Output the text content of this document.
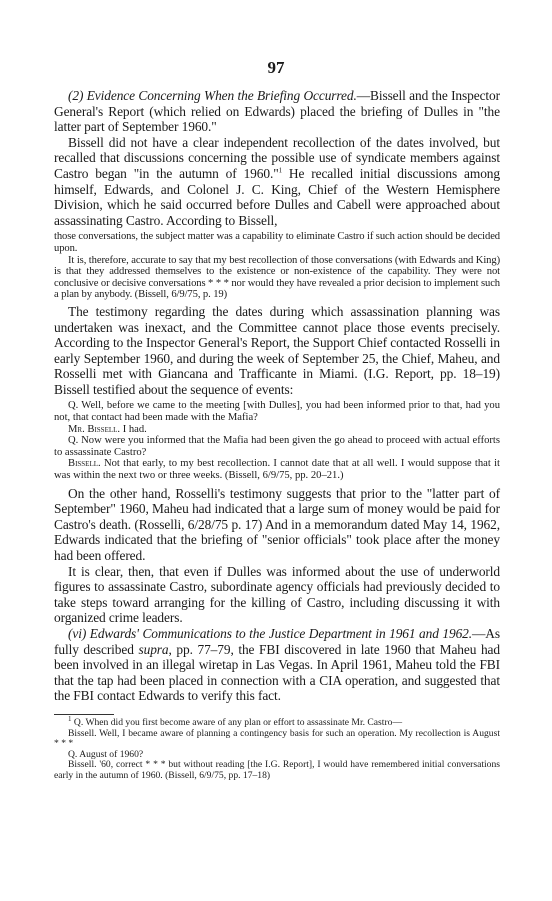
97

(2) Evidence Concerning When the Briefing Occurred.—Bissell and the Inspector General's Report (which relied on Edwards) placed the briefing of Dulles in "the latter part of September 1960."

Bissell did not have a clear independent recollection of the dates involved, but recalled that discussions concerning the possible use of syndicate members against Castro began "in the autumn of 1960."$^1$ He recalled initial discussions among himself, Edwards, and Colonel J. C. King, Chief of the Western Hemisphere Division, which he said occurred before Dulles and Cabell were approached about assassinating Castro. According to Bissell,

those conversations, the subject matter was a capability to eliminate Castro if such action should be decided upon.

It is, therefore, accurate to say that my best recollection of those conversations (with Edwards and King) is that they addressed themselves to the existence or non-existence of the capability. They were not conclusive or decisive conversations * * * nor would they have revealed a prior decision to implement such a plan by anybody. (Bissell, 6/9/75, p. 19)

The testimony regarding the dates during which assassination planning was undertaken was inexact, and the Committee cannot place those events precisely. According to the Inspector General's Report, the Support Chief contacted Rosselli in early September 1960, and during the week of September 25, the Chief, Maheu, and Rosselli met with Giancana and Trafficante in Miami. (I.G. Report, pp. 18–19) Bissell testified about the sequence of events:

Q. Well, before we came to the meeting [with Dulles], you had been informed prior to that, had you not, that contact had been made with the Mafia?

Mr. Bissell. I had.

Q. Now were you informed that the Mafia had been given the go ahead to proceed with actual efforts to assassinate Castro?

Bissell. Not that early, to my best recollection. I cannot date that at all well. I would suppose that it was within the next two or three weeks. (Bissell, 6/9/75, pp. 20–21.)

On the other hand, Rosselli's testimony suggests that prior to the "latter part of September" 1960, Maheu had indicated that a large sum of money would be paid for Castro's death. (Rosselli, 6/28/75 p. 17) And in a memorandum dated May 14, 1962, Edwards indicated that the briefing of "senior officials" took place after the money had been offered.

It is clear, then, that even if Dulles was informed about the use of underworld figures to assassinate Castro, subordinate agency officials had previously decided to take steps toward arranging for the killing of Castro, including discussing it with organized crime leaders.

(vi) Edwards' Communications to the Justice Department in 1961 and 1962.—As fully described supra, pp. 77–79, the FBI discovered in late 1960 that Maheu had been involved in an illegal wiretap in Las Vegas. In April 1961, Maheu told the FBI that the tap had been placed in connection with a CIA operation, and suggested that the FBI contact Edwards to verify this fact.

$^1$ Q. When did you first become aware of any plan or effort to assassinate Mr. Castro—

Bissell. Well, I became aware of planning a contingency basis for such an operation. My recollection is August * * *

Q. August of 1960?

Bissell. '60, correct * * * but without reading [the I.G. Report], I would have remembered initial conversations early in the autumn of 1960. (Bissell, 6/9/75, pp. 17–18)
